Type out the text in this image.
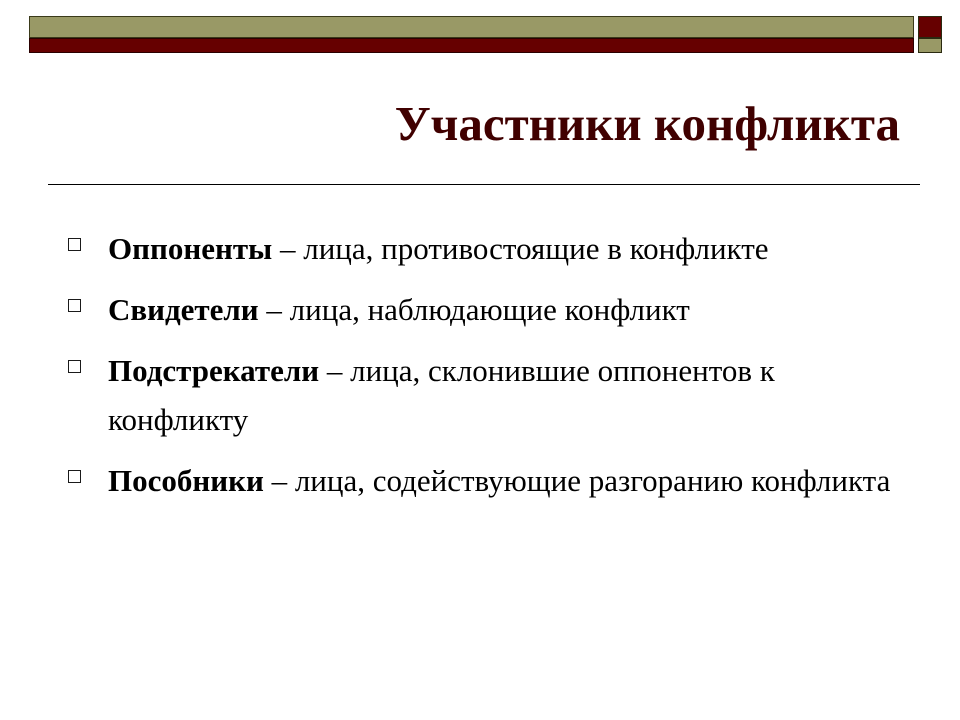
Участники конфликта
Оппоненты – лица, противостоящие в конфликте
Свидетели – лица, наблюдающие конфликт
Подстрекатели – лица, склонившие оппонентов к конфликту
Пособники – лица, содействующие разгоранию конфликта
